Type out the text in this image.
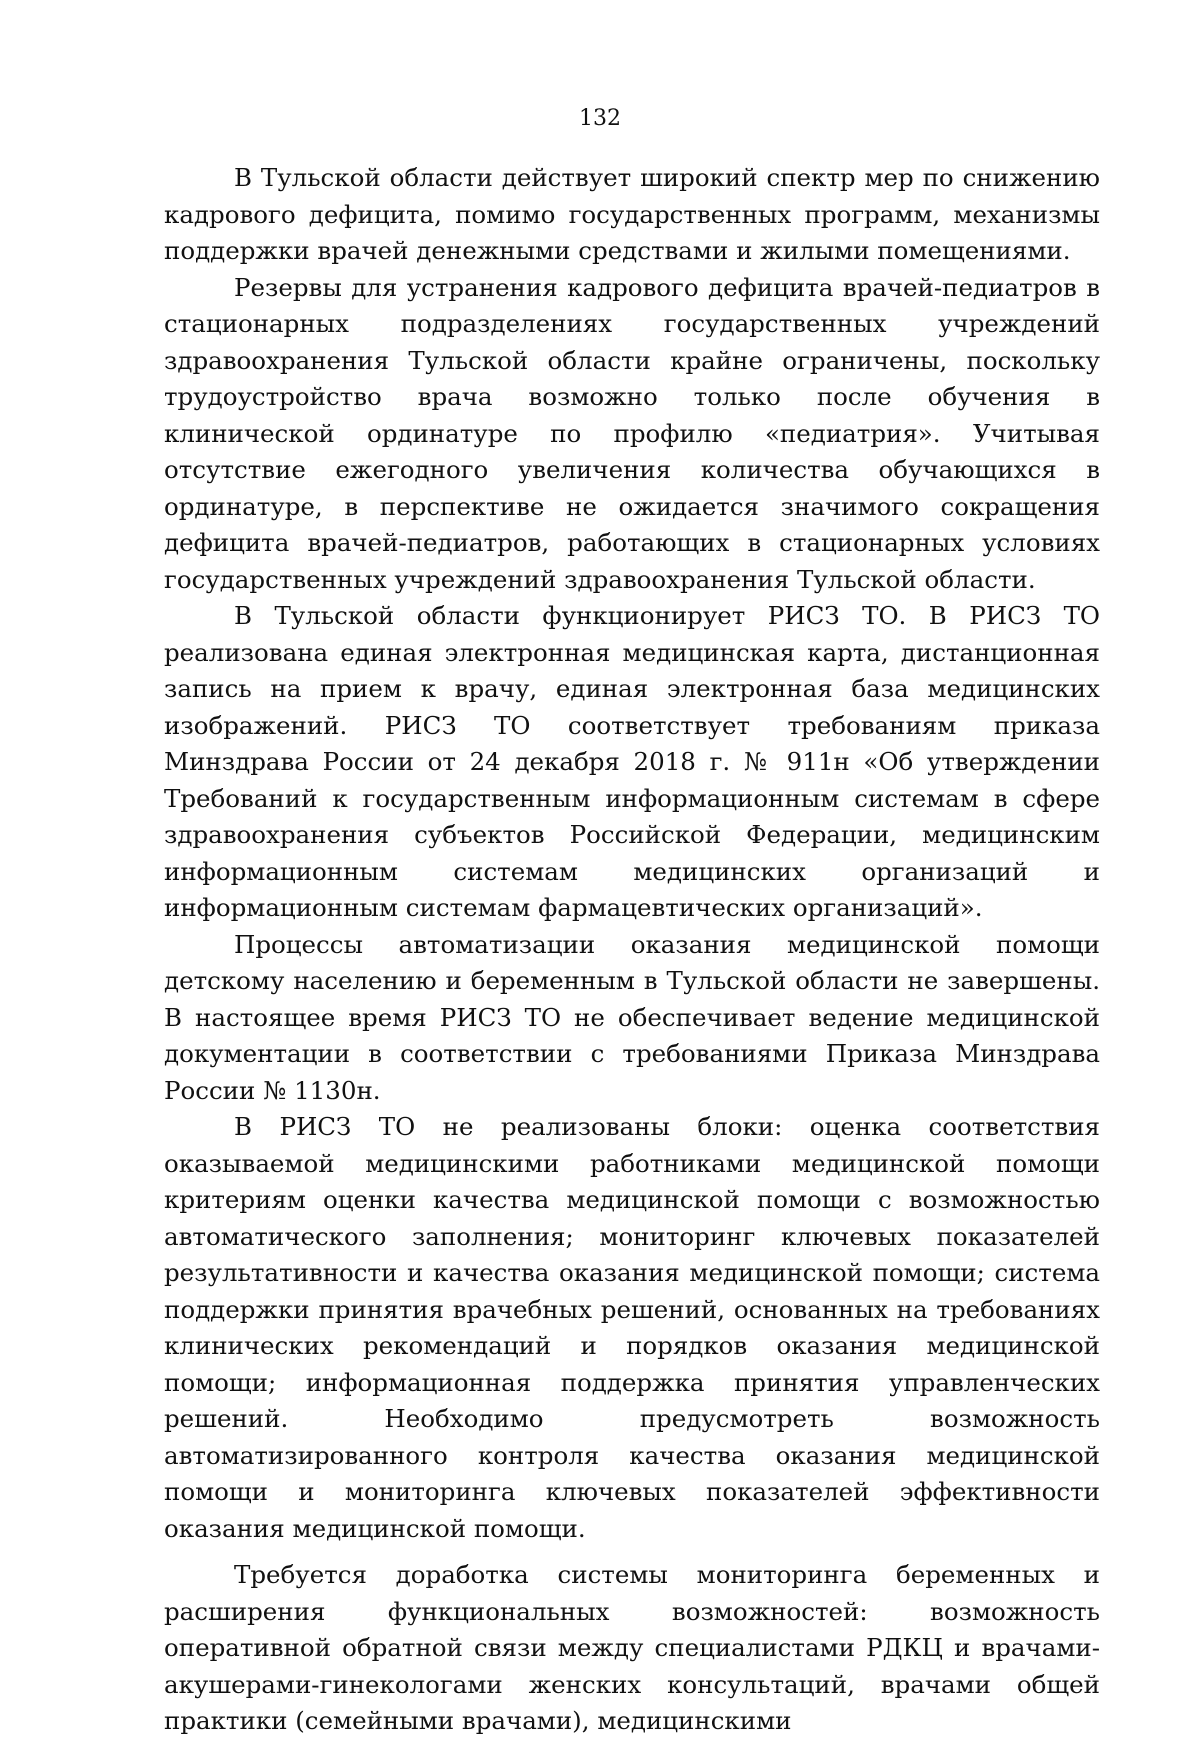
132

В Тульской области действует широкий спектр мер по снижению кадрового дефицита, помимо государственных программ, механизмы поддержки врачей денежными средствами и жилыми помещениями.

Резервы для устранения кадрового дефицита врачей-педиатров в стационарных подразделениях государственных учреждений здравоохранения Тульской области крайне ограничены, поскольку трудоустройство врача возможно только после обучения в клинической ординатуре по профилю «педиатрия». Учитывая отсутствие ежегодного увеличения количества обучающихся в ординатуре, в перспективе не ожидается значимого сокращения дефицита врачей-педиатров, работающих в стационарных условиях государственных учреждений здравоохранения Тульской области.

В Тульской области функционирует РИСЗ ТО. В РИСЗ ТО реализована единая электронная медицинская карта, дистанционная запись на прием к врачу, единая электронная база медицинских изображений. РИСЗ ТО соответствует требованиям приказа Минздрава России от 24 декабря 2018 г. № 911н «Об утверждении Требований к государственным информационным системам в сфере здравоохранения субъектов Российской Федерации, медицинским информационным системам медицинских организаций и информационным системам фармацевтических организаций».

Процессы автоматизации оказания медицинской помощи детскому населению и беременным в Тульской области не завершены. В настоящее время РИСЗ ТО не обеспечивает ведение медицинской документации в соответствии с требованиями Приказа Минздрава России № 1130н.

В РИСЗ ТО не реализованы блоки: оценка соответствия оказываемой медицинскими работниками медицинской помощи критериям оценки качества медицинской помощи с возможностью автоматического заполнения; мониторинг ключевых показателей результативности и качества оказания медицинской помощи; система поддержки принятия врачебных решений, основанных на требованиях клинических рекомендаций и порядков оказания медицинской помощи; информационная поддержка принятия управленческих решений. Необходимо предусмотреть возможность автоматизированного контроля качества оказания медицинской помощи и мониторинга ключевых показателей эффективности оказания медицинской помощи.

Требуется доработка системы мониторинга беременных и расширения функциональных возможностей: возможность оперативной обратной связи между специалистами РДКЦ и врачами-акушерами-гинекологами женских консультаций, врачами общей практики (семейными врачами), медицинскими
